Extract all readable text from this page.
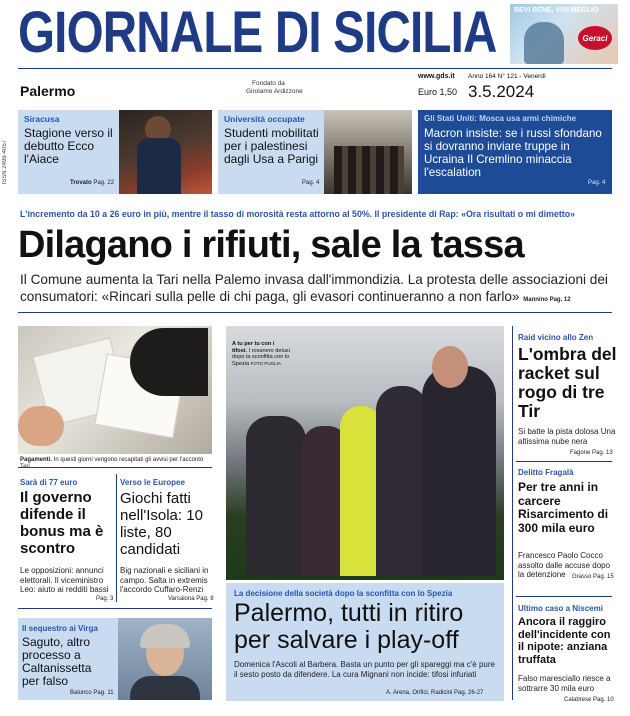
GIORNALE DI SICILIA BEVI BENE, VIVI MEGLIO
Geraci
Palermo	Fondato da
Girolamo Ardizzone
www.gds.it
Euro 1,50
Anno 164 N° 121 - Venerdì
3.5.2024
ISSN 2499-4057
Siracusa
Stagione verso il debutto Ecco l'Aiace
Trovato Pag. 22
Università occupate
Studenti mobilitati per i palestinesi dagli Usa a Parigi
Pag. 4
Gli Stati Uniti: Mosca usa armi chimiche
Macron insiste: se i russi sfondano si dovranno inviare truppe in Ucraina Il Cremlino minaccia l'escalation
Pag. 4
L'incremento da 10 a 26 euro in più, mentre il tasso di morosità resta attorno al 50%. Il presidente di Rap: «Ora risultati o mi dimetto»
Dilagano i rifiuti, sale la tassa
Il Comune aumenta la Tari nella Palemo invasa dall'immondizia. La protesta delle associazioni dei consumatori: «Rincari sulla pelle di chi paga, gli evasori continueranno a non farlo» Mannino Pag. 12
Pagamenti. In questi giorni vengono recapitati gli avvisi per l'acconto
Sarà di 77 euro
Il governo difende il bonus ma è scontro
Le opposizioni: annunci elettorali. Il viceministro Leo: aiuto ai redditi bassi
Pag. 3
Verso le Europee
Giochi fatti nell'Isola: 10 liste, 80 candidati
Big nazionali e siciliani in campo. Salta in extremis l'accordo Cuffaro-Renzi
Varsalona Pag. 8
Il sequestro ai Virga
Saguto, altro processo a Caltanissetta per falso
Balunco Pag. 11
A tu per tu con i tifosi. I rosanero delusi dopo la sconfitta con lo Spezia FOTO PUGLIA
La decisione della società dopo la sconfitta con lo Spezia
Palermo, tutti in ritiro per salvare i play-off
Domenica l'Ascoli al Barbera. Basta un punto per gli spareggi ma c'è pure il sesto posto da difendere. La cura Mignani non incide: tifosi infuriati
A. Arena, Orifici, Radicini Pag. 26-27
Raid vicino allo Zen
L'ombra del racket sul rogo di tre Tir
Si batte la pista dolosa Una altissima nube nera
Fagone Pag. 13
Delitto Fragalà
Per tre anni in carcere Risarcimento di 300 mila euro
Francesco Paolo Cocco assolto dalle accuse dopo la detenzione	Grasso Pag. 15
Ultimo caso a Niscemi
Ancora il raggiro dell'incidente con il nipote: anziana truffata
Falso maresciallo riesce a sottrarre 30 mila euro
Calabrese Pag. 10
